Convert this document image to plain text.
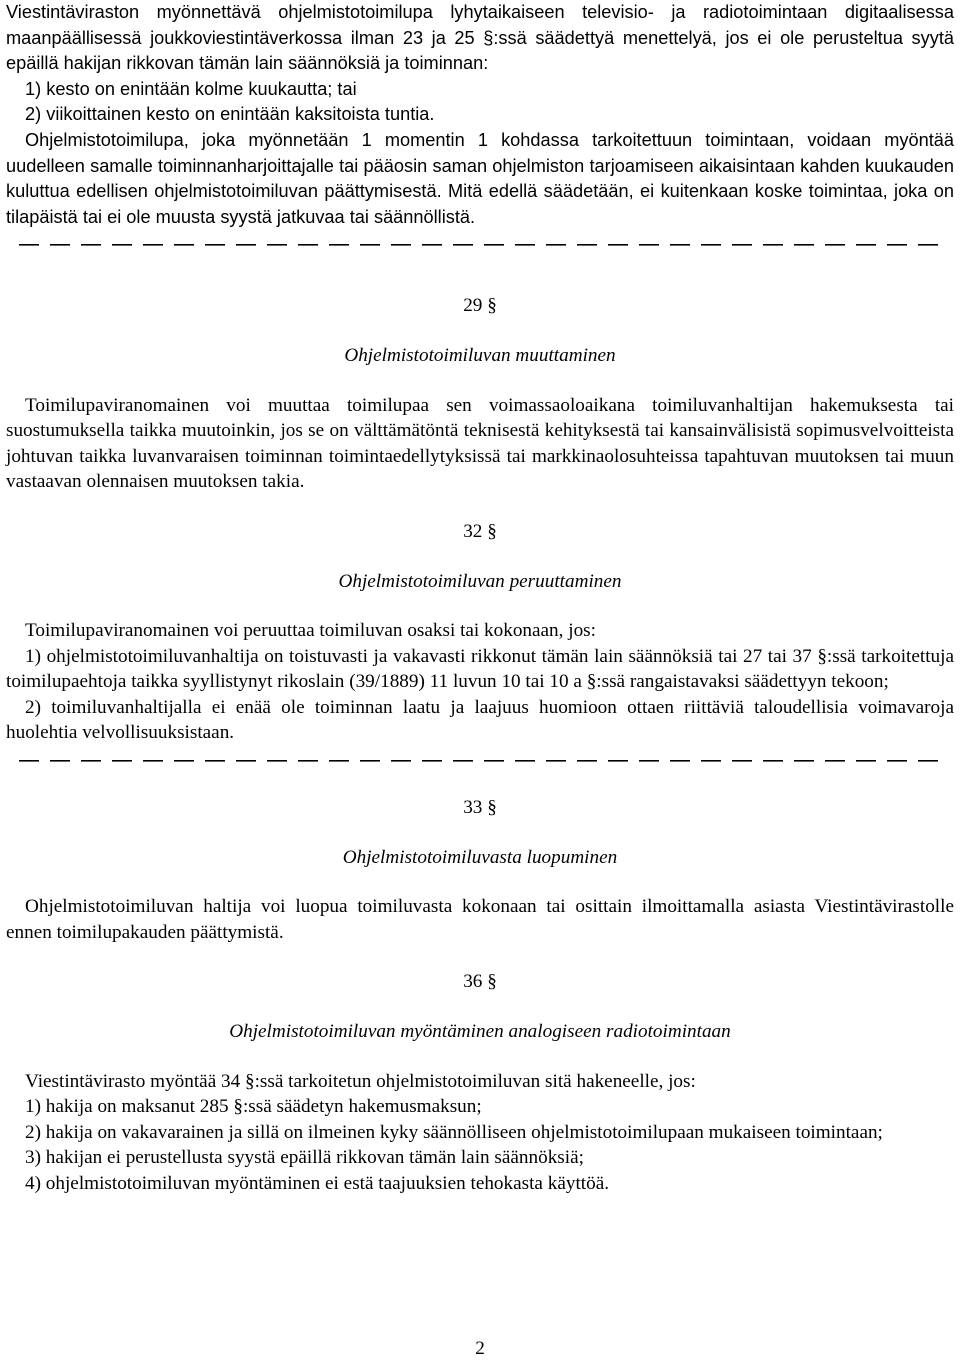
Viestintäviraston myönnettävä ohjelmistotoimilupa lyhytaikaiseen televisio- ja radiotoimintaan digitaalisessa maanpäällisessä joukkoviestintäverkossa ilman 23 ja 25 §:ssä säädettyä menettelyä, jos ei ole perusteltua syytä epäillä hakijan rikkovan tämän lain säännöksiä ja toiminnan:

1) kesto on enintään kolme kuukautta; tai

2) viikoittainen kesto on enintään kaksitoista tuntia.

Ohjelmistotoimilupa, joka myönnetään 1 momentin 1 kohdassa tarkoitettuun toimintaan, voidaan myöntää uudelleen samalle toiminnanharjoittajalle tai pääosin saman ohjelmiston tarjoamiseen aikaisintaan kahden kuukauden kuluttua edellisen ohjelmistotoimiluvan päättymisestä. Mitä edellä säädetään, ei kuitenkaan koske toimintaa, joka on tilapäistä tai ei ole muusta syystä jatkuvaa tai säännöllistä.

29 §

Ohjelmistotoimiluvan muuttaminen

Toimilupaviranomainen voi muuttaa toimilupaa sen voimassaoloaikana toimiluvanhaltijan hakemuksesta tai suostumuksella taikka muutoinkin, jos se on välttämätöntä teknisestä kehityksestä tai kansainvälisistä sopimusvelvoitteista johtuvan taikka luvanvaraisen toiminnan toimintaedellytyksissä tai markkinaolosuhteissa tapahtuvan muutoksen tai muun vastaavan olennaisen muutoksen takia.

32 §

Ohjelmistotoimiluvan peruuttaminen

Toimilupaviranomainen voi peruuttaa toimiluvan osaksi tai kokonaan, jos:

1) ohjelmistotoimiluvanhaltija on toistuvasti ja vakavasti rikkonut tämän lain säännöksiä tai 27 tai 37 §:ssä tarkoitettuja toimilupaehtoja taikka syyllistynyt rikoslain (39/1889) 11 luvun 10 tai 10 a §:ssä rangaistavaksi säädettyyn tekoon;

2) toimiluvanhaltijalla ei enää ole toiminnan laatu ja laajuus huomioon ottaen riittäviä taloudellisia voimavaroja huolehtia velvollisuuksistaan.

33 §

Ohjelmistotoimiluvasta luopuminen

Ohjelmistotoimiluvan haltija voi luopua toimiluvasta kokonaan tai osittain ilmoittamalla asiasta Viestintävirastolle ennen toimilupakauden päättymistä.

36 §

Ohjelmistotoimiluvan myöntäminen analogiseen radiotoimintaan

Viestintävirasto myöntää 34 §:ssä tarkoitetun ohjelmistotoimiluvan sitä hakeneelle, jos:

1) hakija on maksanut 285 §:ssä säädetyn hakemusmaksun;

2) hakija on vakavarainen ja sillä on ilmeinen kyky säännölliseen ohjelmistotoimilupaan mukaiseen toimintaan;

3) hakijan ei perustellusta syystä epäillä rikkovan tämän lain säännöksiä;

4) ohjelmistotoimiluvan myöntäminen ei estä taajuuksien tehokasta käyttöä.

2
